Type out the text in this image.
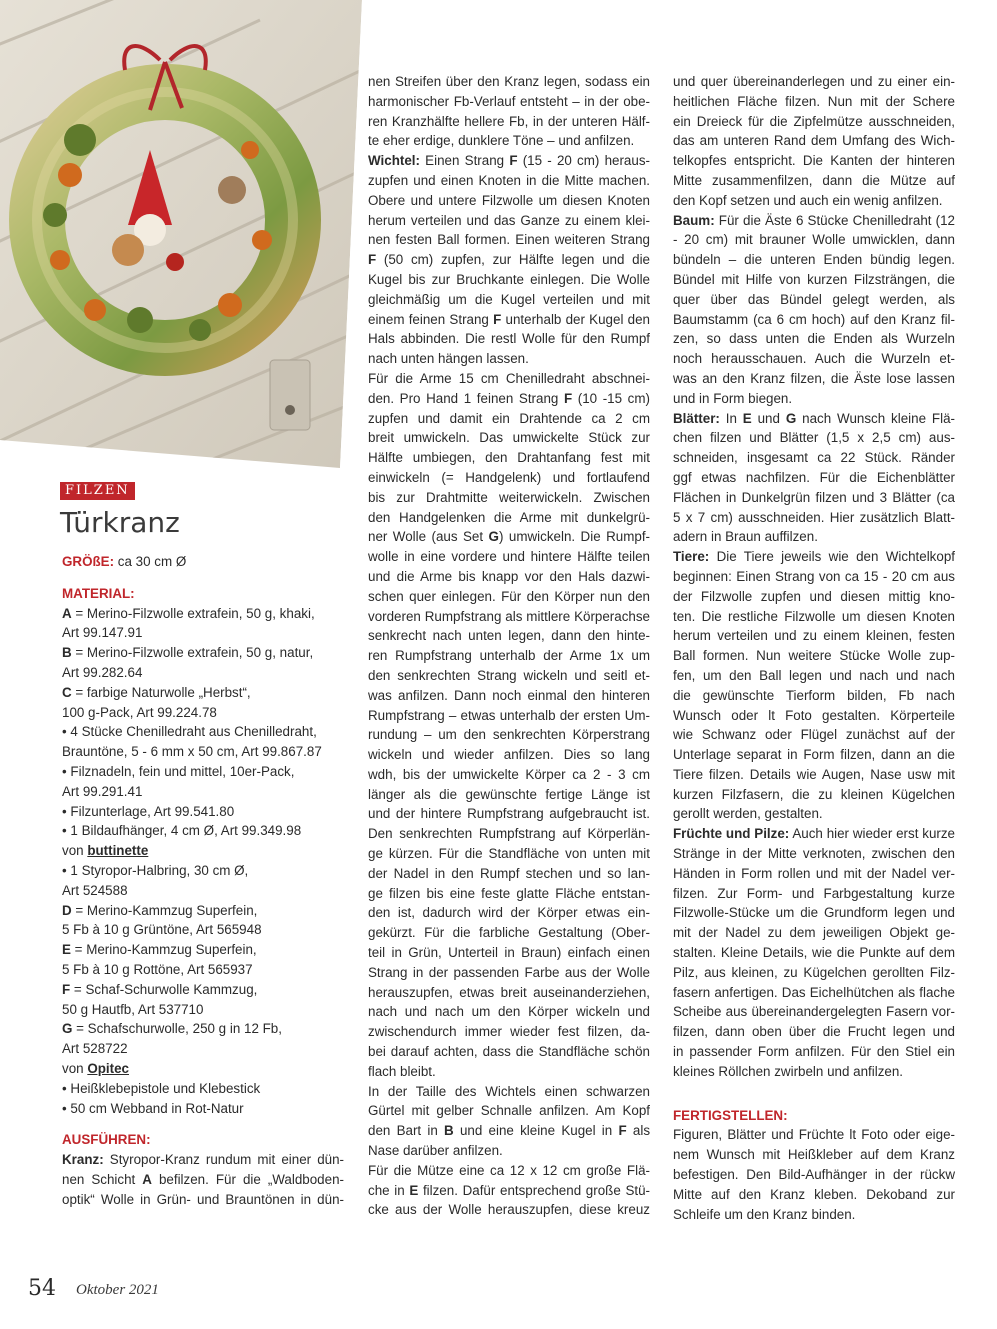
FILZEN
Türkranz

GRÖßE: ca 30 cm Ø

MATERIAL:

A = Merino-Filzwolle extrafein, 50 g, khaki,

Art 99.147.91

B = Merino-Filzwolle extrafein, 50 g, natur,

Art 99.282.64

C = farbige Naturwolle „Herbst“,

100 g-Pack, Art 99.224.78

• 4 Stücke Chenilledraht aus Chenilledraht,

Brauntöne, 5 - 6 mm x 50 cm, Art 99.867.87

• Filznadeln, fein und mittel, 10er-Pack,

Art 99.291.41

• Filzunterlage, Art 99.541.80

• 1 Bildaufhänger, 4 cm Ø, Art 99.349.98

von buttinette

• 1 Styropor-Halbring, 30 cm Ø,

Art 524588

D = Merino-Kammzug Superfein,

5 Fb à 10 g Grüntöne, Art 565948

E = Merino-Kammzug Superfein,

5 Fb à 10 g Rottöne, Art 565937

F = Schaf-Schurwolle Kammzug,

50 g Hautfb, Art 537710

G = Schafschurwolle, 250 g in 12 Fb,

Art 528722

von Opitec

• Heißklebepistole und Klebestick

• 50 cm Webband in Rot-Natur

AUSFÜHREN:

Kranz: Styropor-Kranz rundum mit einer dün-

nen Schicht A befilzen. Für die „Waldboden-

optik“ Wolle in Grün- und Brauntönen in dün-

nen Streifen über den Kranz legen, sodass ein

harmonischer Fb-Verlauf entsteht – in der obe-

ren Kranzhälfte hellere Fb, in der unteren Hälf-

te eher erdige, dunklere Töne – und anfilzen.

Wichtel: Einen Strang F (15 - 20 cm) heraus-

zupfen und einen Knoten in die Mitte machen.

Obere und untere Filzwolle um diesen Knoten

herum verteilen und das Ganze zu einem klei-

nen festen Ball formen. Einen weiteren Strang

F (50 cm) zupfen, zur Hälfte legen und die

Kugel bis zur Bruchkante einlegen. Die Wolle

gleichmäßig um die Kugel verteilen und mit

einem feinen Strang F unterhalb der Kugel den

Hals abbinden. Die restl Wolle für den Rumpf

nach unten hängen lassen.

Für die Arme 15 cm Chenilledraht abschnei-

den. Pro Hand 1 feinen Strang F (10 -15 cm)

zupfen und damit ein Drahtende ca 2 cm

breit umwickeln. Das umwickelte Stück zur

Hälfte umbiegen, den Drahtanfang fest mit

einwickeln (= Handgelenk) und fortlaufend

bis zur Drahtmitte weiterwickeln. Zwischen

den Handgelenken die Arme mit dunkelgrü-

ner Wolle (aus Set G) umwickeln. Die Rumpf-

wolle in eine vordere und hintere Hälfte teilen

und die Arme bis knapp vor den Hals dazwi-

schen quer einlegen. Für den Körper nun den

vorderen Rumpfstrang als mittlere Körperachse

senkrecht nach unten legen, dann den hinte-

ren Rumpfstrang unterhalb der Arme 1x um

den senkrechten Strang wickeln und seitl et-

was anfilzen. Dann noch einmal den hinteren

Rumpfstrang – etwas unterhalb der ersten Um-

rundung – um den senkrechten Körperstrang

wickeln und wieder anfilzen. Dies so lang

wdh, bis der umwickelte Körper ca 2 - 3 cm

länger als die gewünschte fertige Länge ist

und der hintere Rumpfstrang aufgebraucht ist.

Den senkrechten Rumpfstrang auf Körperlän-

ge kürzen. Für die Standfläche von unten mit

der Nadel in den Rumpf stechen und so lan-

ge filzen bis eine feste glatte Fläche entstan-

den ist, dadurch wird der Körper etwas ein-

gekürzt. Für die farbliche Gestaltung (Ober-

teil in Grün, Unterteil in Braun) einfach einen

Strang in der passenden Farbe aus der Wolle

herauszupfen, etwas breit auseinanderziehen,

nach und nach um den Körper wickeln und

zwischendurch immer wieder fest filzen, da-

bei darauf achten, dass die Standfläche schön

flach bleibt.

In der Taille des Wichtels einen schwarzen

Gürtel mit gelber Schnalle anfilzen. Am Kopf

den Bart in B und eine kleine Kugel in F als

Nase darüber anfilzen.

Für die Mütze eine ca 12 x 12 cm große Flä-

che in E filzen. Dafür entsprechend große Stü-

cke aus der Wolle herauszupfen, diese kreuz

und quer übereinanderlegen und zu einer ein-

heitlichen Fläche filzen. Nun mit der Schere

ein Dreieck für die Zipfelmütze ausschneiden,

das am unteren Rand dem Umfang des Wich-

telkopfes entspricht. Die Kanten der hinteren

Mitte zusammenfilzen, dann die Mütze auf

den Kopf setzen und auch ein wenig anfilzen.

Baum: Für die Äste 6 Stücke Chenilledraht (12

- 20 cm) mit brauner Wolle umwicklen, dann

bündeln – die unteren Enden bündig legen.

Bündel mit Hilfe von kurzen Filzsträngen, die

quer über das Bündel gelegt werden, als

Baumstamm (ca 6 cm hoch) auf den Kranz fil-

zen, so dass unten die Enden als Wurzeln

noch herausschauen. Auch die Wurzeln et-

was an den Kranz filzen, die Äste lose lassen

und in Form biegen.

Blätter: In E und G nach Wunsch kleine Flä-

chen filzen und Blätter (1,5 x 2,5 cm) aus-

schneiden, insgesamt ca 22 Stück. Ränder

ggf etwas nachfilzen. Für die Eichenblätter

Flächen in Dunkelgrün filzen und 3 Blätter (ca

5 x 7 cm) ausschneiden. Hier zusätzlich Blatt-

adern in Braun auffilzen.

Tiere: Die Tiere jeweils wie den Wichtelkopf

beginnen: Einen Strang von ca 15 - 20 cm aus

der Filzwolle zupfen und diesen mittig kno-

ten. Die restliche Filzwolle um diesen Knoten

herum verteilen und zu einem kleinen, festen

Ball formen. Nun weitere Stücke Wolle zup-

fen, um den Ball legen und nach und nach

die gewünschte Tierform bilden, Fb nach

Wunsch oder lt Foto gestalten. Körperteile

wie Schwanz oder Flügel zunächst auf der

Unterlage separat in Form filzen, dann an die

Tiere filzen. Details wie Augen, Nase usw mit

kurzen Filzfasern, die zu kleinen Kügelchen

gerollt werden, gestalten.

Früchte und Pilze: Auch hier wieder erst kurze

Stränge in der Mitte verknoten, zwischen den

Händen in Form rollen und mit der Nadel ver-

filzen. Zur Form- und Farbgestaltung kurze

Filzwolle-Stücke um die Grundform legen und

mit der Nadel zu dem jeweiligen Objekt ge-

stalten. Kleine Details, wie die Punkte auf dem

Pilz, aus kleinen, zu Kügelchen gerollten Filz-

fasern anfertigen. Das Eichelhütchen als flache

Scheibe aus übereinandergelegten Fasern vor-

filzen, dann oben über die Frucht legen und

in passender Form anfilzen. Für den Stiel ein

kleines Röllchen zwirbeln und anfilzen.

FERTIGSTELLEN:

Figuren, Blätter und Früchte lt Foto oder eige-

nem Wunsch mit Heißkleber auf dem Kranz

befestigen. Den Bild-Aufhänger in der rückw

Mitte auf den Kranz kleben. Dekoband zur

Schleife um den Kranz binden.

54 Oktober 2021
